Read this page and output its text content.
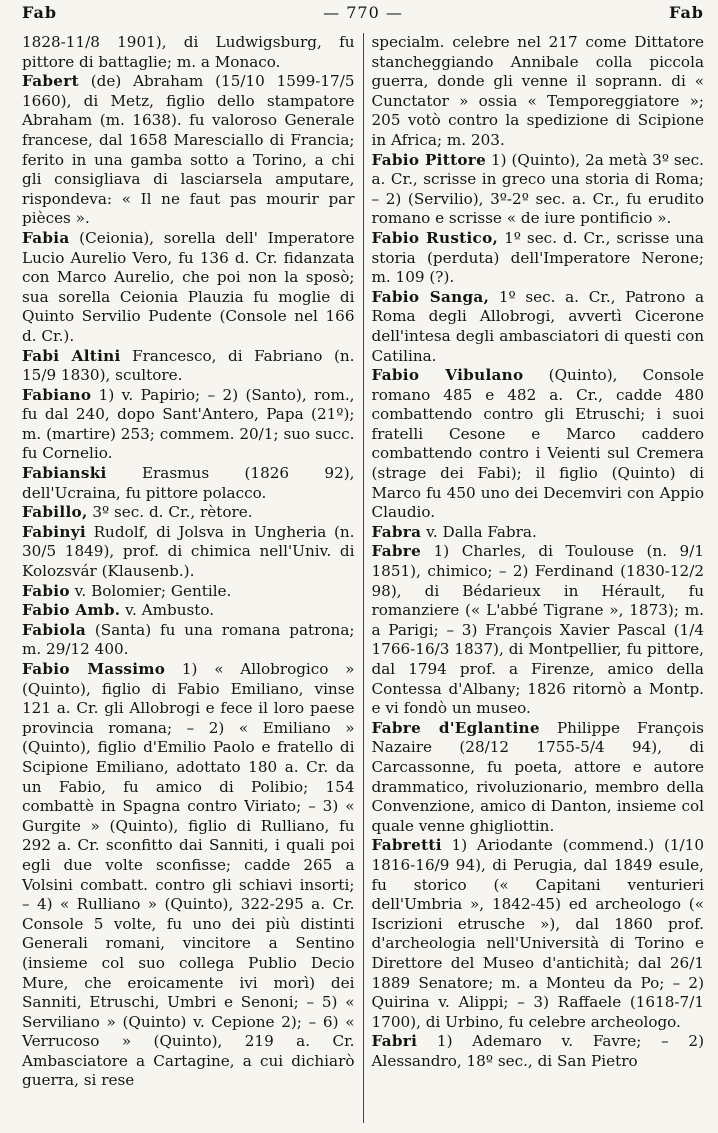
Fab	— 770 —	Fab

1828-11/8 1901), di Ludwigsburg, fu pittore di battaglie; m. a Monaco.

Fabert (de) Abraham (15/10 1599-17/5 1660), di Metz, figlio dello stampatore Abraham (m. 1638). fu valoroso Generale francese, dal 1658 Maresciallo di Francia; ferito in una gamba sotto a Torino, a chi gli consigliava di lasciarsela amputare, rispondeva: « Il ne faut pas mourir par pièces ».

Fabia (Ceionia), sorella dell' Imperatore Lucio Aurelio Vero, fu 136 d. Cr. fidanzata con Marco Aurelio, che poi non la sposò; sua sorella Ceionia Plauzia fu moglie di Quinto Servilio Pudente (Console nel 166 d. Cr.).

Fabi Altini Francesco, di Fabriano (n. 15/9 1830), scultore.

Fabiano 1) v. Papirio; – 2) (Santo), rom., fu dal 240, dopo Sant'Antero, Papa (21º); m. (martire) 253; commem. 20/1; suo succ. fu Cornelio.

Fabianski Erasmus (1826 92), dell'Ucraina, fu pittore polacco.

Fabillo, 3º sec. d. Cr., rètore.

Fabinyi Rudolf, di Jolsva in Ungheria (n. 30/5 1849), prof. di chimica nell'Univ. di Kolozsvár (Klausenb.).

Fabio v. Bolomier; Gentile.

Fabio Amb. v. Ambusto.

Fabiola (Santa) fu una romana patrona; m. 29/12 400.

Fabio Massimo 1) « Allobrogico » (Quinto), figlio di Fabio Emiliano, vinse 121 a. Cr. gli Allobrogi e fece il loro paese provincia romana; – 2) « Emiliano » (Quinto), figlio d'Emilio Paolo e fratello di Scipione Emiliano, adottato 180 a. Cr. da un Fabio, fu amico di Polibio; 154 combattè in Spagna contro Viriato; – 3) « Gurgite » (Quinto), figlio di Rulliano, fu 292 a. Cr. sconfitto dai Sanniti, i quali poi egli due volte sconfisse; cadde 265 a Volsini combatt. contro gli schiavi insorti; – 4) « Rulliano » (Quinto), 322-295 a. Cr. Console 5 volte, fu uno dei più distinti Generali romani, vincitore a Sentino (insieme col suo collega Publio Decio Mure, che eroicamente ivi morì) dei Sanniti, Etruschi, Umbri e Senoni; – 5) « Serviliano » (Quinto) v. Cepione 2); – 6) « Verrucoso » (Quinto), 219 a. Cr. Ambasciatore a Cartagine, a cui dichiarò guerra, si rese

specialm. celebre nel 217 come Dittatore stancheggiando Annibale colla piccola guerra, donde gli venne il soprann. di « Cunctator » ossia « Temporeggiatore »; 205 votò contro la spedizione di Scipione in Africa; m. 203.

Fabio Pittore 1) (Quinto), 2a metà 3º sec. a. Cr., scrisse in greco una storia di Roma; – 2) (Servilio), 3º-2º sec. a. Cr., fu erudito romano e scrisse « de iure pontificio ».

Fabio Rustico, 1º sec. d. Cr., scrisse una storia (perduta) dell'Imperatore Nerone; m. 109 (?).

Fabio Sanga, 1º sec. a. Cr., Patrono a Roma degli Allobrogi, avvertì Cicerone dell'intesa degli ambasciatori di questi con Catilina.

Fabio Vibulano (Quinto), Console romano 485 e 482 a. Cr., cadde 480 combattendo contro gli Etruschi; i suoi fratelli Cesone e Marco caddero combattendo contro i Veienti sul Cremera (strage dei Fabi); il figlio (Quinto) di Marco fu 450 uno dei Decemviri con Appio Claudio.

Fabra v. Dalla Fabra.

Fabre 1) Charles, di Toulouse (n. 9/1 1851), chimico; – 2) Ferdinand (1830-12/2 98), di Bédarieux in Hérault, fu romanziere (« L'abbé Tigrane », 1873); m. a Parigi; – 3) François Xavier Pascal (1/4 1766-16/3 1837), di Montpellier, fu pittore, dal 1794 prof. a Firenze, amico della Contessa d'Albany; 1826 ritornò a Montp. e vi fondò un museo.

Fabre d'Eglantine Philippe François Nazaire (28/12 1755-5/4 94), di Carcassonne, fu poeta, attore e autore drammatico, rivoluzionario, membro della Convenzione, amico di Danton, insieme col quale venne ghigliottin.

Fabretti 1) Ariodante (commend.) (1/10 1816-16/9 94), di Perugia, dal 1849 esule, fu storico (« Capitani venturieri dell'Umbria », 1842-45) ed archeologo (« Iscrizioni etrusche »), dal 1860 prof. d'archeologia nell'Università di Torino e Direttore del Museo d'antichità; dal 26/1 1889 Senatore; m. a Monteu da Po; – 2) Quirina v. Alippi; – 3) Raffaele (1618-7/1 1700), di Urbino, fu celebre archeologo.

Fabri 1) Ademaro v. Favre; – 2) Alessandro, 18º sec., di San Pietro
